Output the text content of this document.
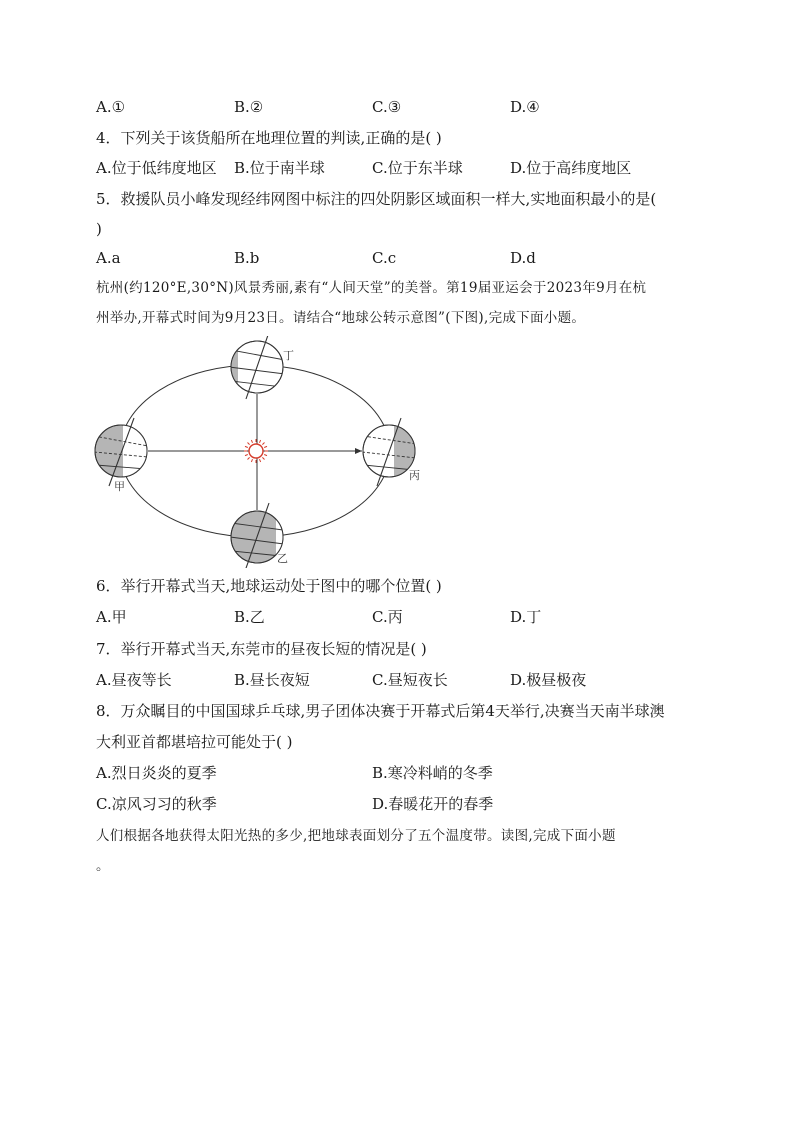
A.①	B.②	C.③	D.④
4．下列关于该货船所在地理位置的判读,正确的是( )
A.位于低纬度地区 B.位于南半球	C.位于东半球	D.位于高纬度地区
5．救援队员小峰发现经纬网图中标注的四处阴影区域面积一样大,实地面积最小的是(
)
A.a	B.b	C.c	D.d
杭州(约120°E,30°N)风景秀丽,素有“人间天堂”的美誉。第19届亚运会于2023年9月在杭
州举办,开幕式时间为9月23日。请结合“地球公转示意图”(下图),完成下面小题。
丁
甲
丙
乙
6．举行开幕式当天,地球运动处于图中的哪个位置( )
A.甲	B.乙	C.丙	D.丁
7．举行开幕式当天,东莞市的昼夜长短的情况是( )
A.昼夜等长	B.昼长夜短	C.昼短夜长	D.极昼极夜
8．万众瞩目的中国国球乒乓球,男子团体决赛于开幕式后第4天举行,决赛当天南半球澳
大利亚首都堪培拉可能处于( )
A.烈日炎炎的夏季	B.寒冷料峭的冬季
C.凉风习习的秋季	D.春暖花开的春季
人们根据各地获得太阳光热的多少,把地球表面划分了五个温度带。读图,完成下面小题
。
